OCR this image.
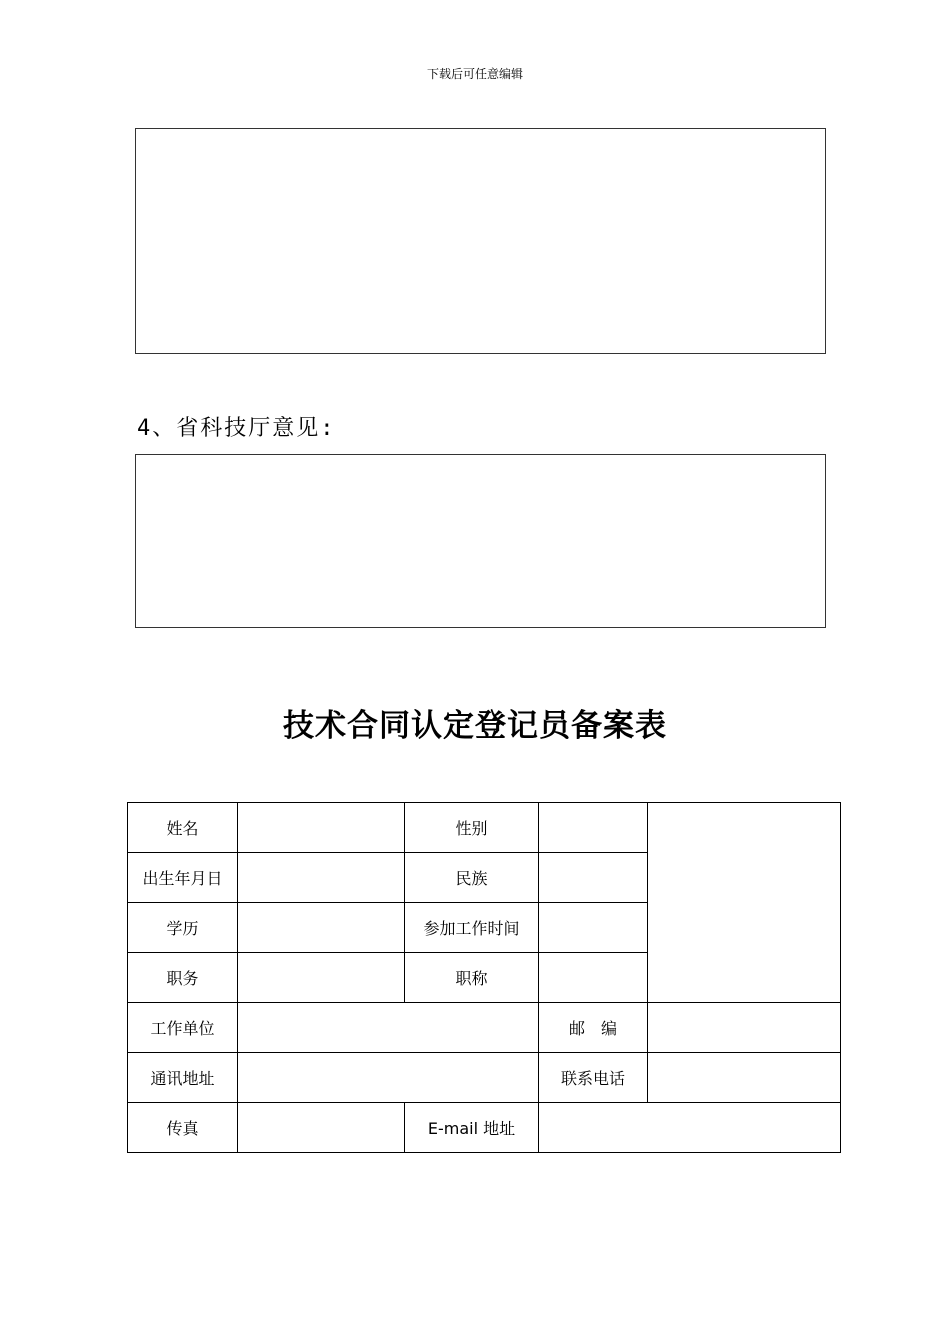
下载后可任意编辑
4、省科技厅意见:
技术合同认定登记员备案表
姓名		性别		
出生年月日		民族		
学历		参加工作时间		
职务		职称		
工作单位			邮　编	
通讯地址			联系电话	
传真		E-mail 地址		
